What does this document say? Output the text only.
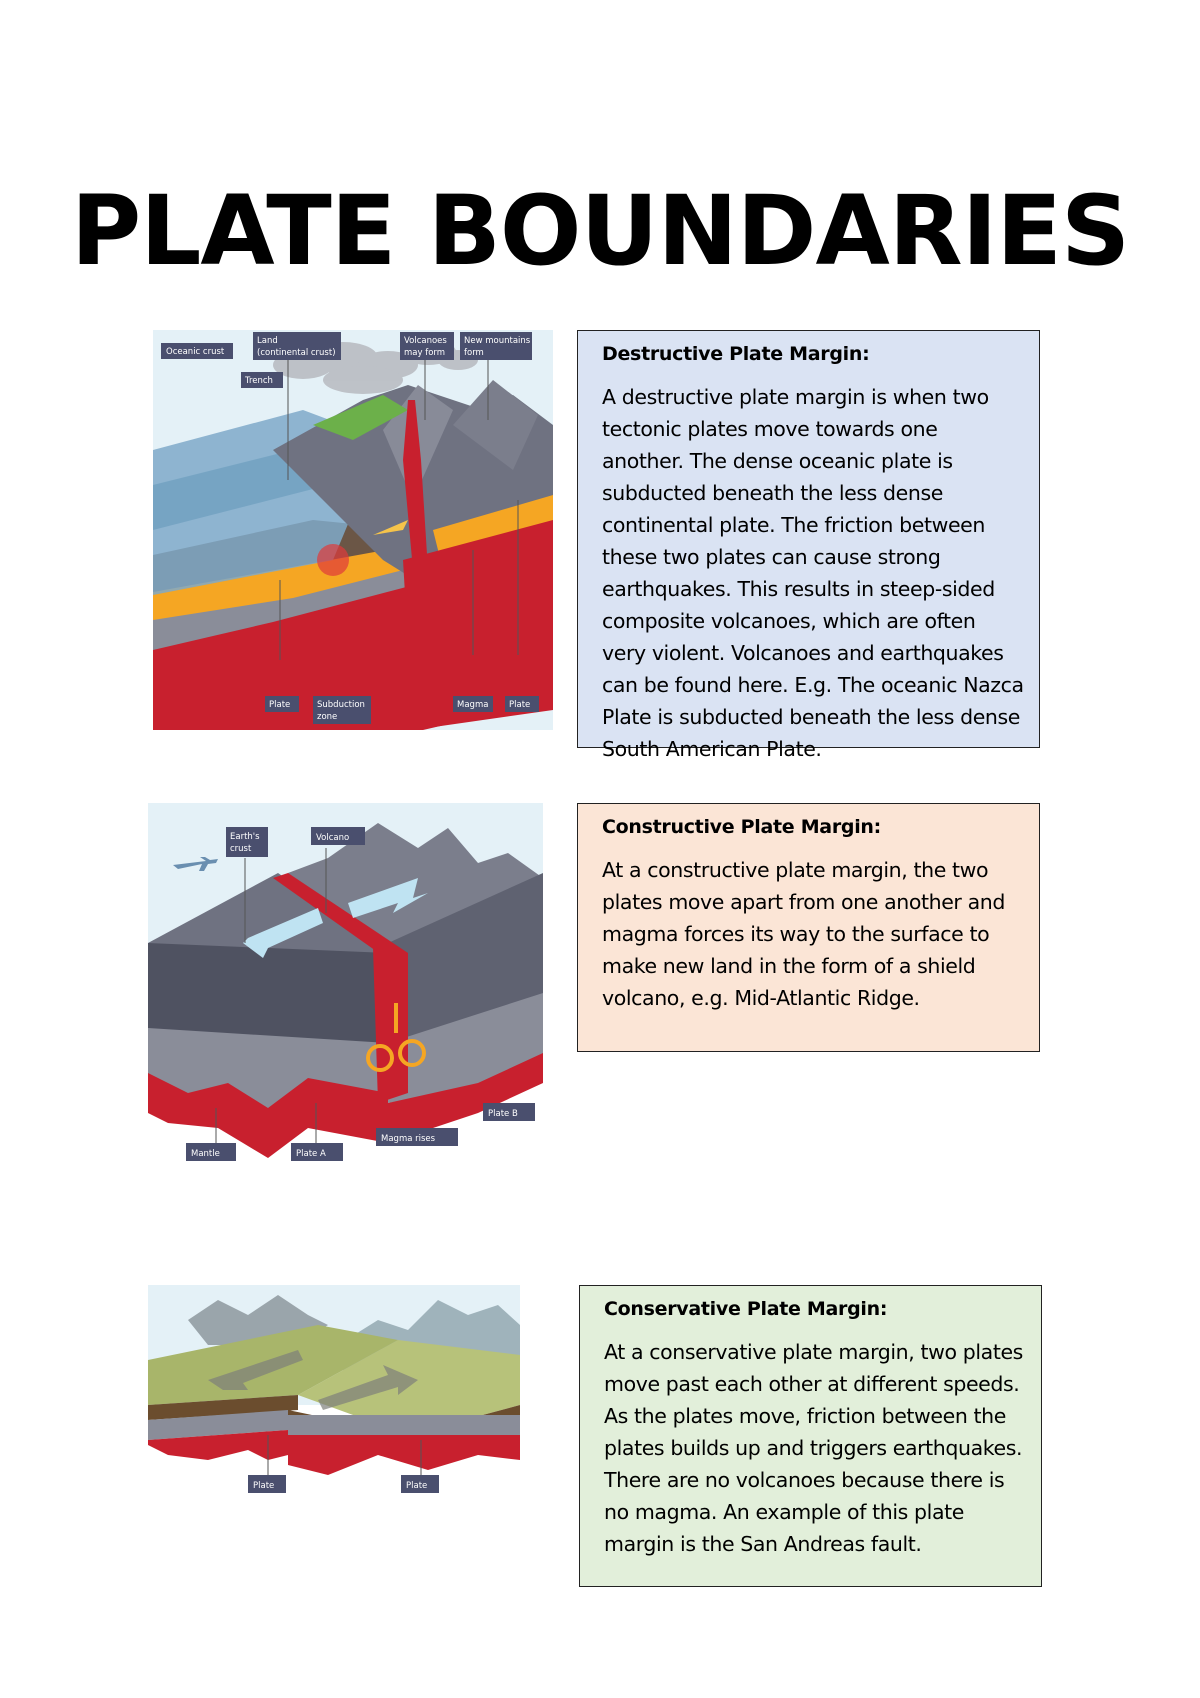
PLATE BOUNDARIES
Oceanic crust
Land
(continental crust)
Volcanoes
may form
New mountains
form
Trench
Plate	Subduction
zone
Magma Plate
Destructive Plate Margin:

A destructive plate margin is when two tectonic plates move towards one another. The dense oceanic plate is subducted beneath the less dense continental plate. The friction between these two plates can cause strong earthquakes. This results in steep-sided composite volcanoes, which are often very violent. Volcanoes and earthquakes can be found here. E.g. The oceanic Nazca Plate is subducted beneath the less dense South American Plate.

Earth's
crust
Volcano
Plate B
Mantle	Plate A
Magma rises
Constructive Plate Margin:

At a constructive plate margin, the two plates move apart from one another and magma forces its way to the surface to make new land in the form of a shield volcano, e.g. Mid-Atlantic Ridge.

Plate	Plate
Conservative Plate Margin:

At a conservative plate margin, two plates move past each other at different speeds. As the plates move, friction between the plates builds up and triggers earthquakes. There are no volcanoes because there is no magma. An example of this plate margin is the San Andreas fault.
